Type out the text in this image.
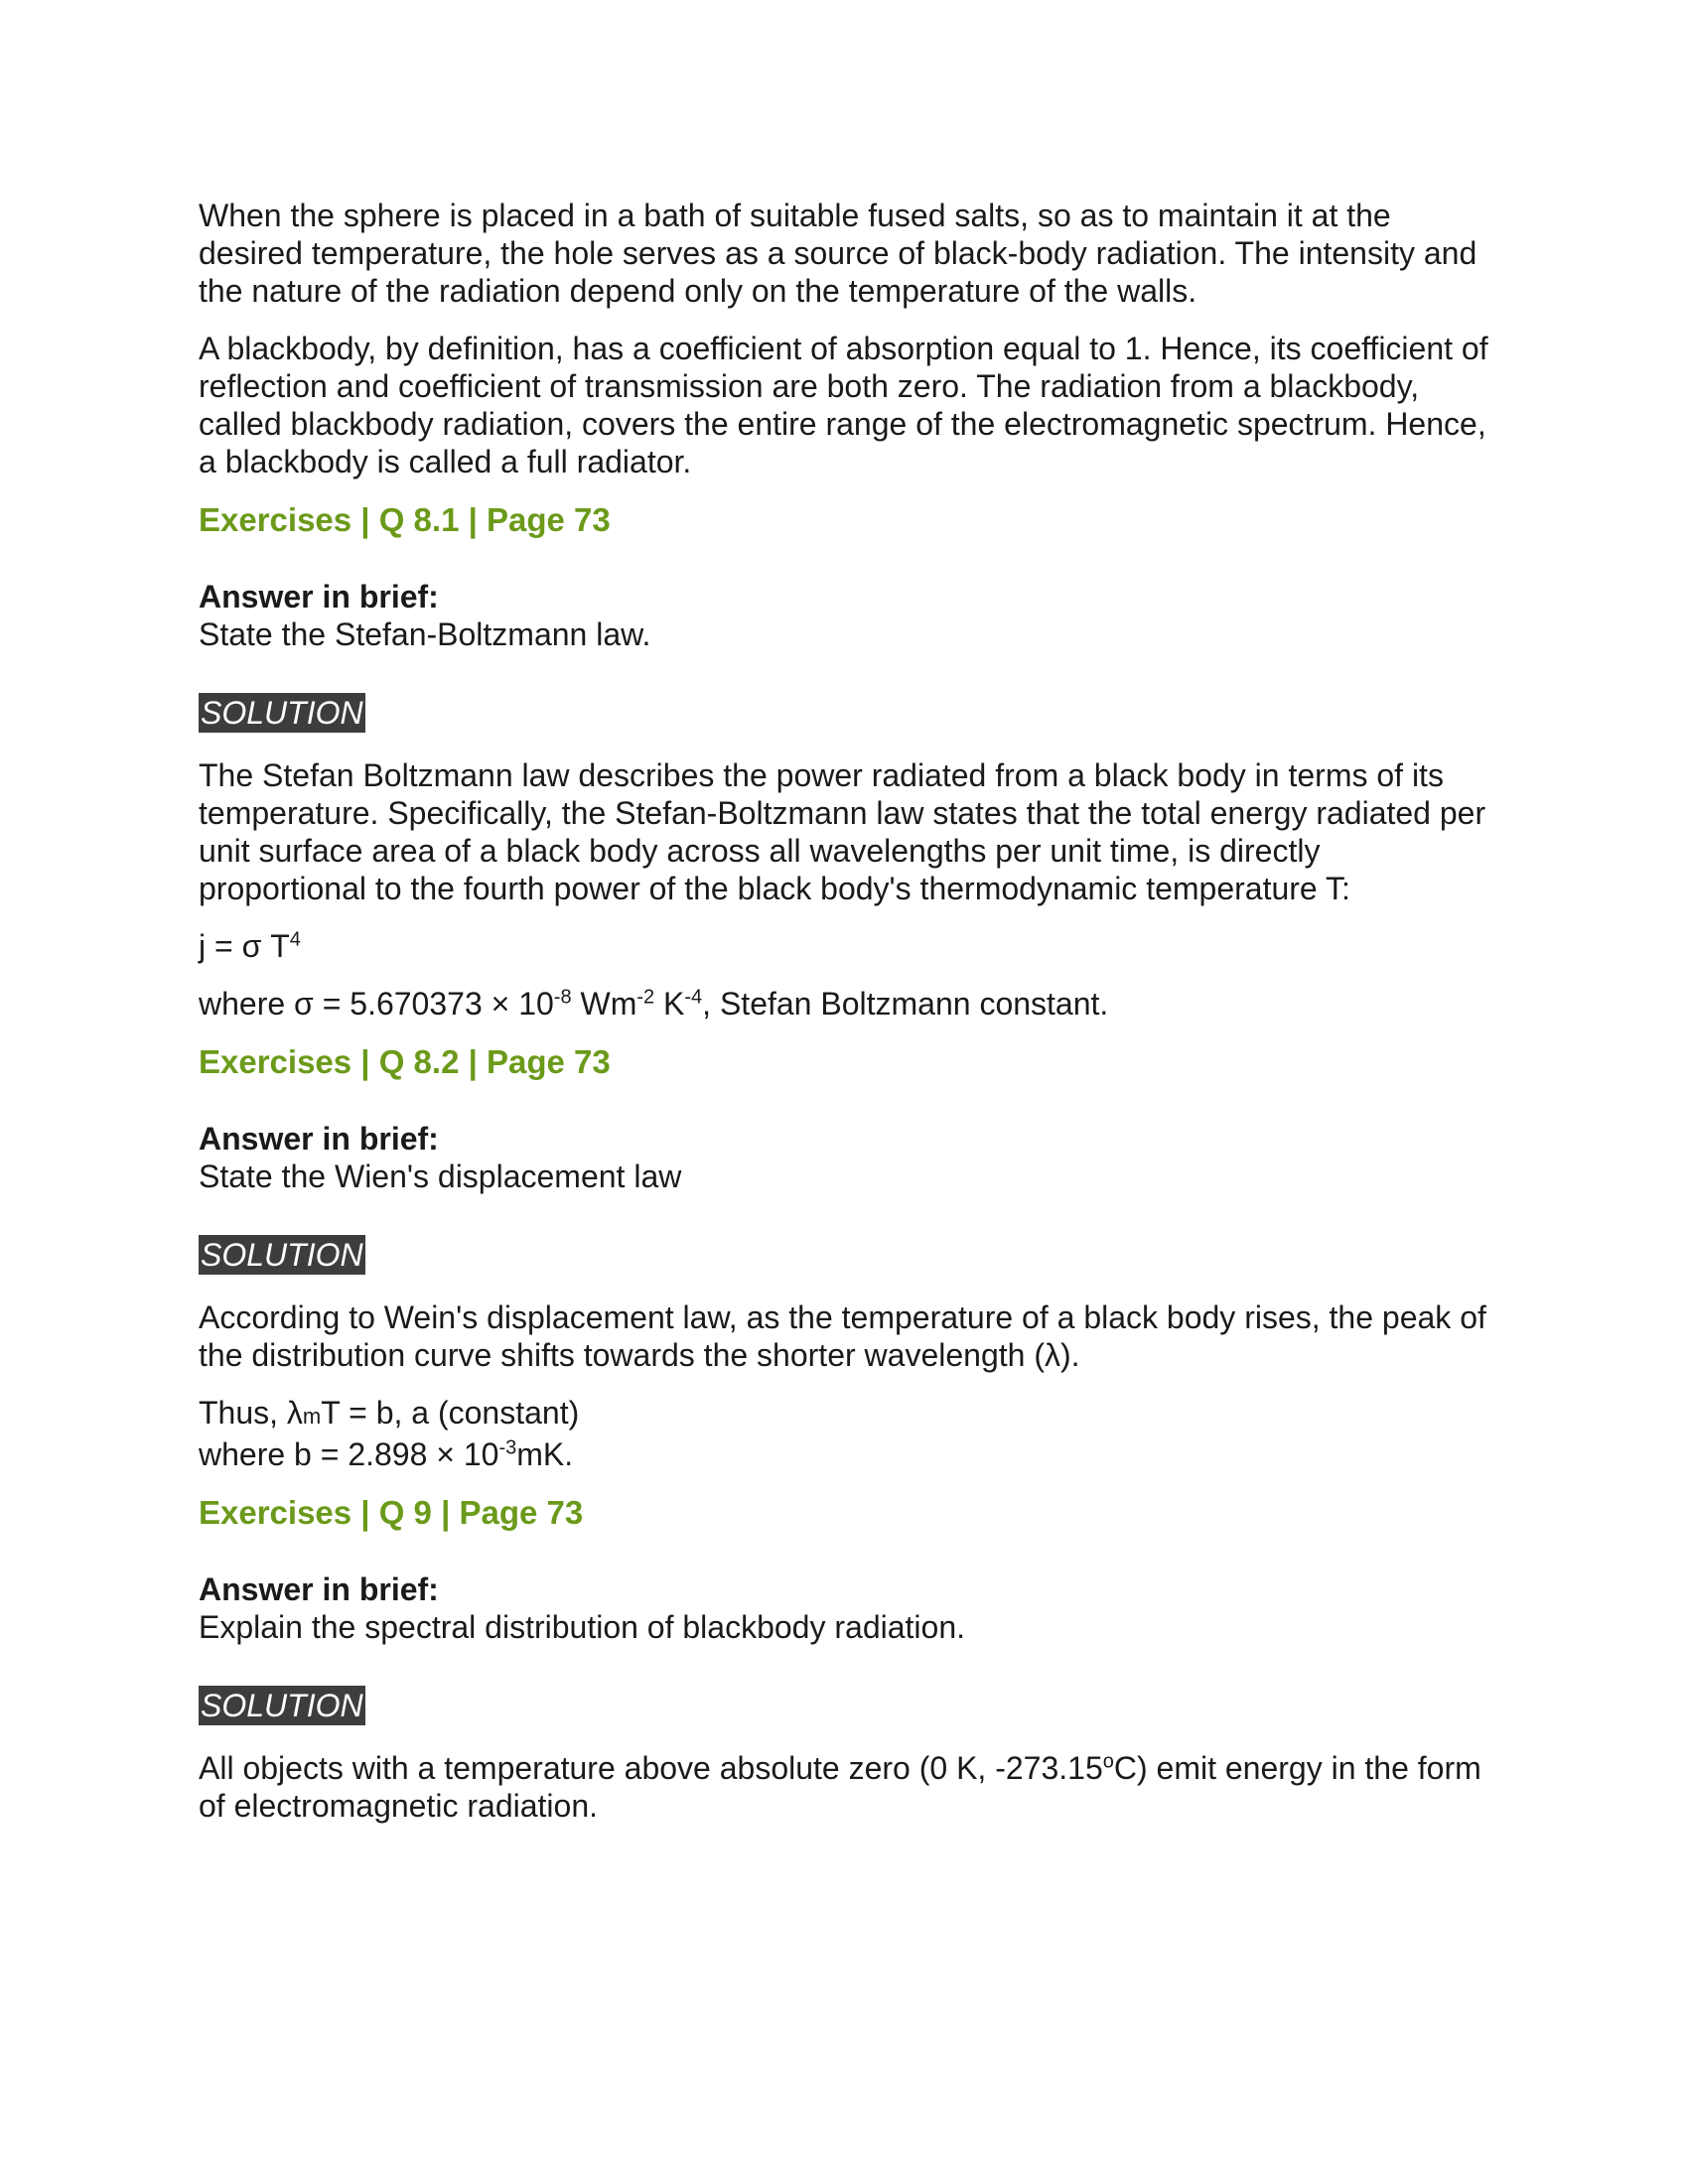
When the sphere is placed in a bath of suitable fused salts, so as to maintain it at the desired temperature, the hole serves as a source of black-body radiation. The intensity and the nature of the radiation depend only on the temperature of the walls.

A blackbody, by definition, has a coefficient of absorption equal to 1. Hence, its coefficient of reflection and coefficient of transmission are both zero. The radiation from a blackbody, called blackbody radiation, covers the entire range of the electromagnetic spectrum. Hence, a blackbody is called a full radiator.

Exercises | Q 8.1 | Page 73
Answer in brief:
State the Stefan-Boltzmann law.
SOLUTION

The Stefan Boltzmann law describes the power radiated from a black body in terms of its temperature. Specifically, the Stefan-Boltzmann law states that the total energy radiated per unit surface area of a black body across all wavelengths per unit time, is directly proportional to the fourth power of the black body's thermodynamic temperature T:

j = σ $T^4$

where $\sigma = 5.670373 \times 10^{-8}$ $Wm^{-2}$ $K^{-4}$, Stefan Boltzmann constant.

Exercises | Q 8.2 | Page 73
Answer in brief:
State the Wien's displacement law
SOLUTION

According to Wein's displacement law, as the temperature of a black body rises, the peak of the distribution curve shifts towards the shorter wavelength (λ).

Thus, λmT = b, a (constant)
where $b = 2.898 \times 10^{-3}mK$.
Exercises | Q 9 | Page 73
Answer in brief:
Explain the spectral distribution of blackbody radiation.
SOLUTION

All objects with a temperature above absolute zero (0 K, -273.15$^o$C) emit energy in the form of electromagnetic radiation.
